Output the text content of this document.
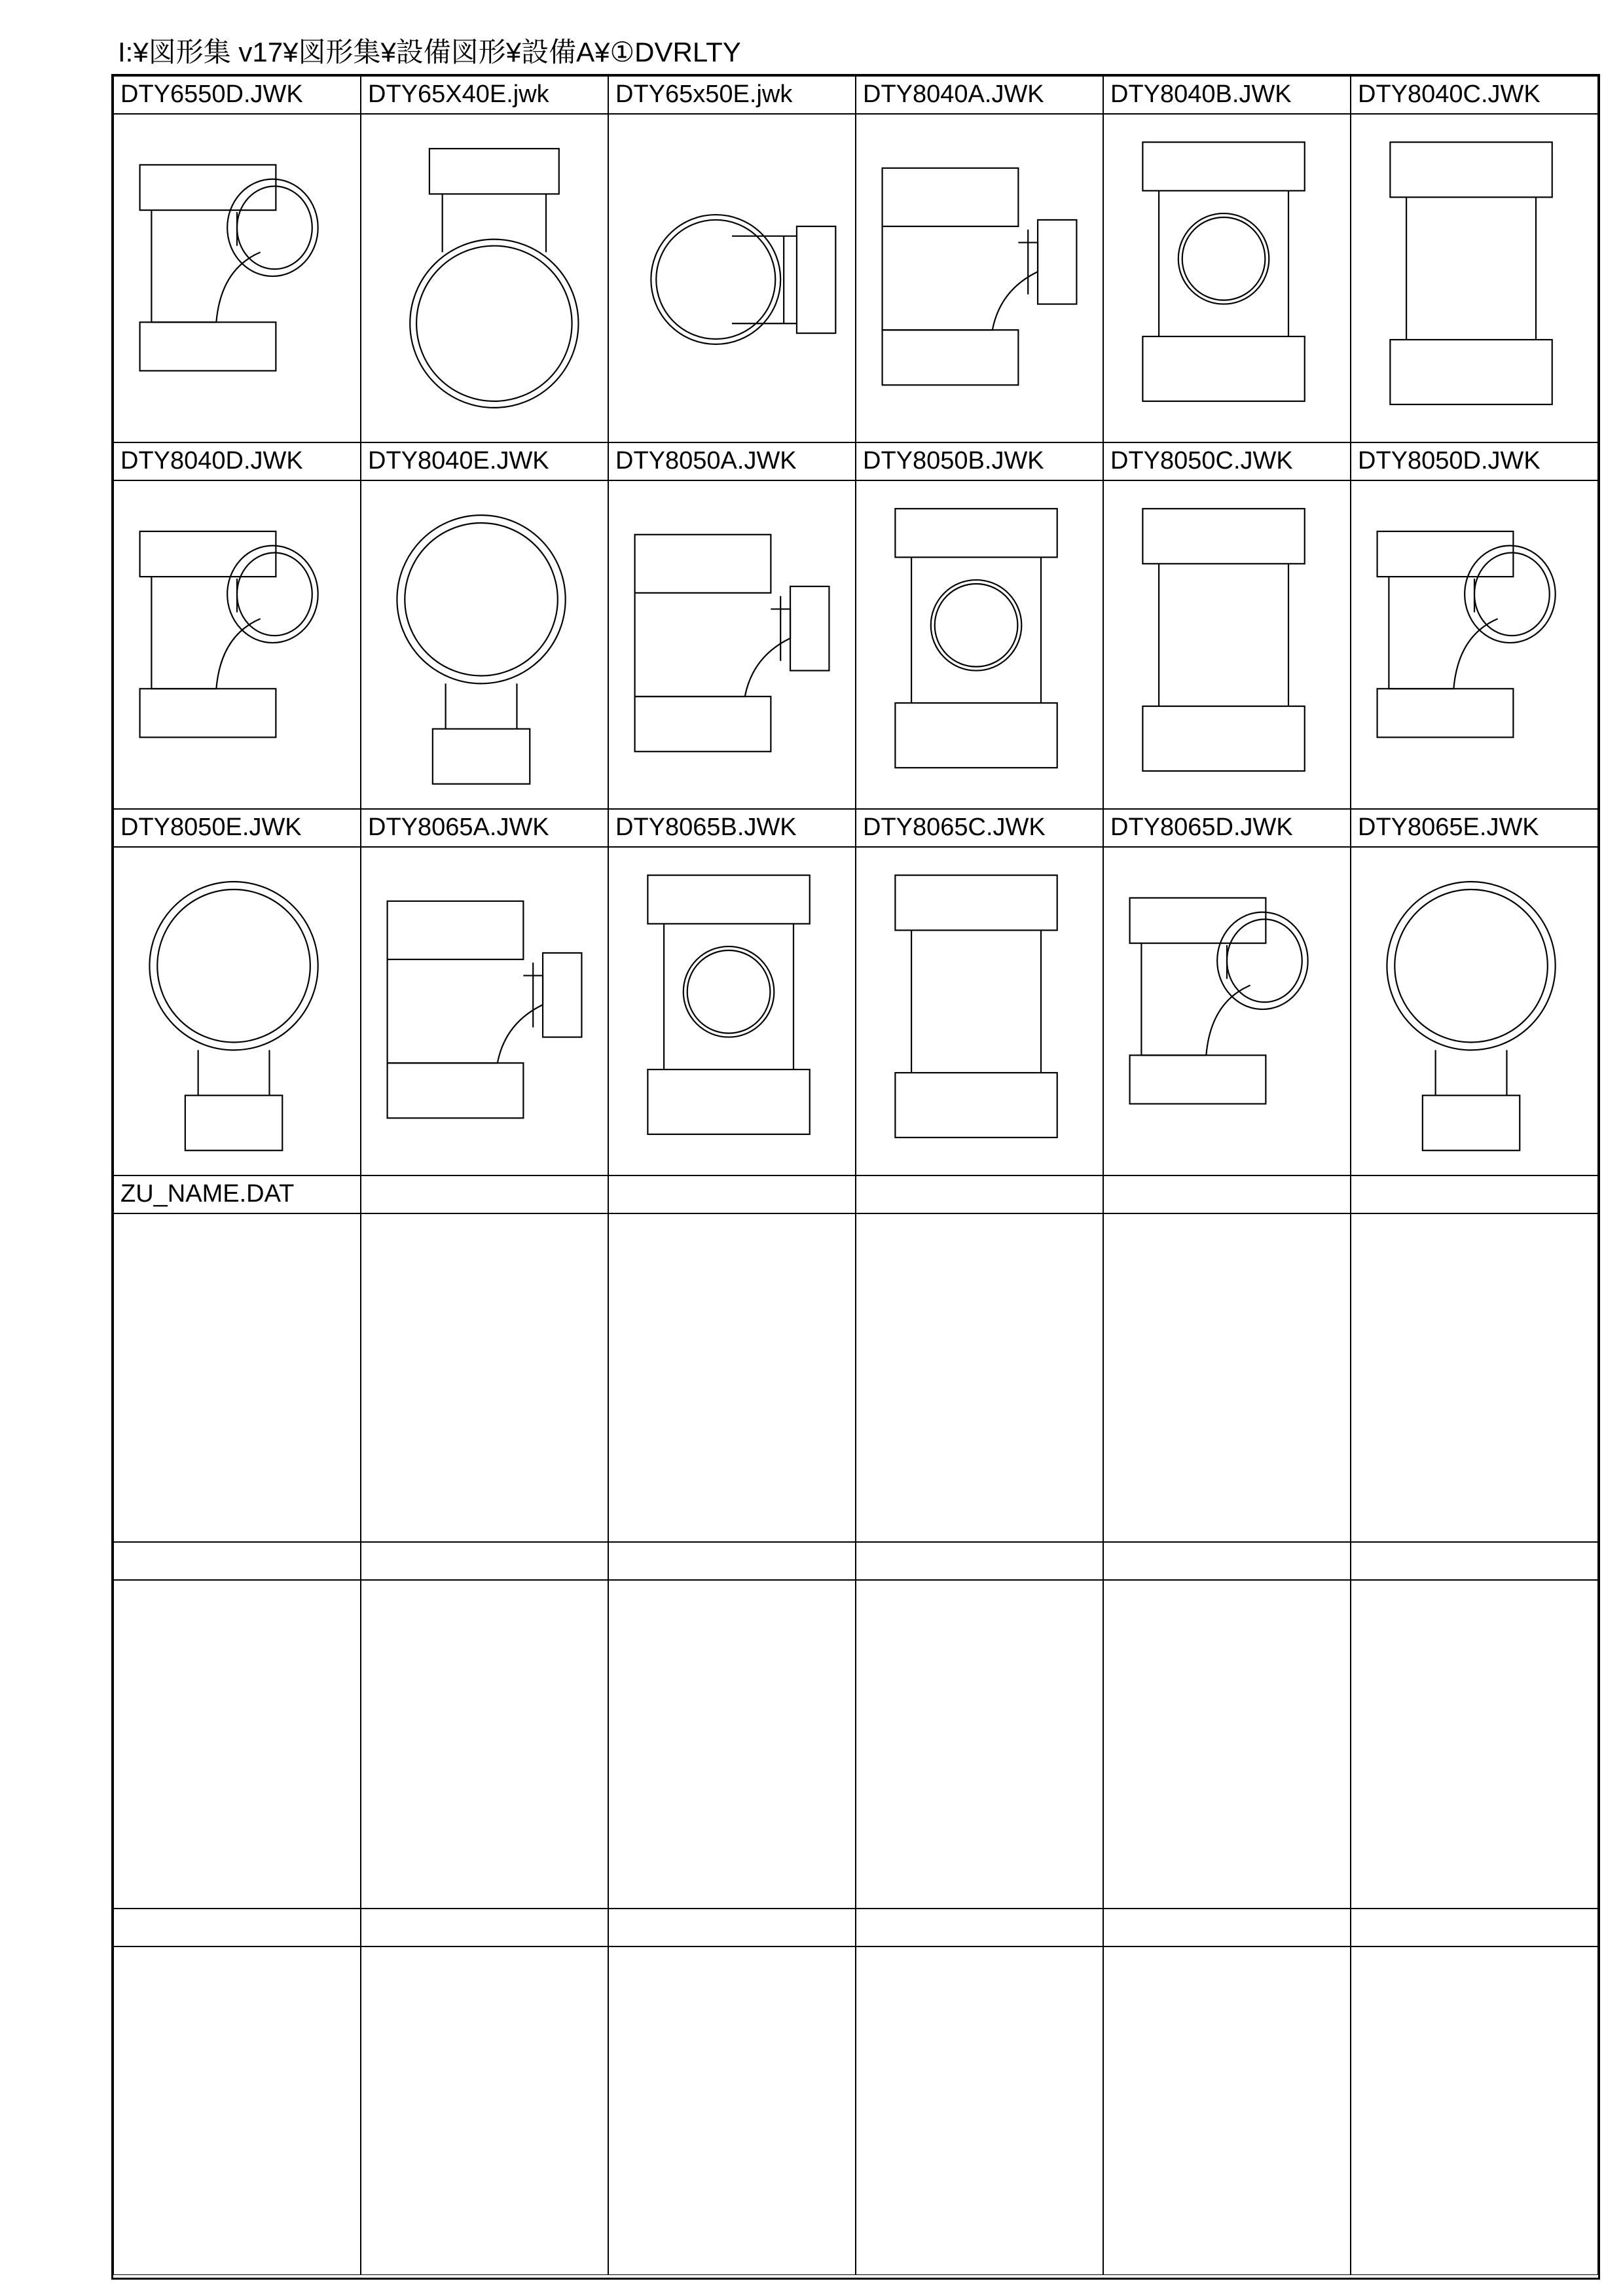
I:¥図形集 v17¥図形集¥設備図形¥設備A¥①DVRLTY
DTY6550D.JWK	DTY65X40E.jwk	DTY65x50E.jwk	DTY8040A.JWK	DTY8040B.JWK	DTY8040C.JWK
DTY8040D.JWK	DTY8040E.JWK	DTY8050A.JWK	DTY8050B.JWK	DTY8050C.JWK	DTY8050D.JWK
DTY8050E.JWK	DTY8065A.JWK	DTY8065B.JWK	DTY8065C.JWK	DTY8065D.JWK	DTY8065E.JWK
ZU_NAME.DAT
